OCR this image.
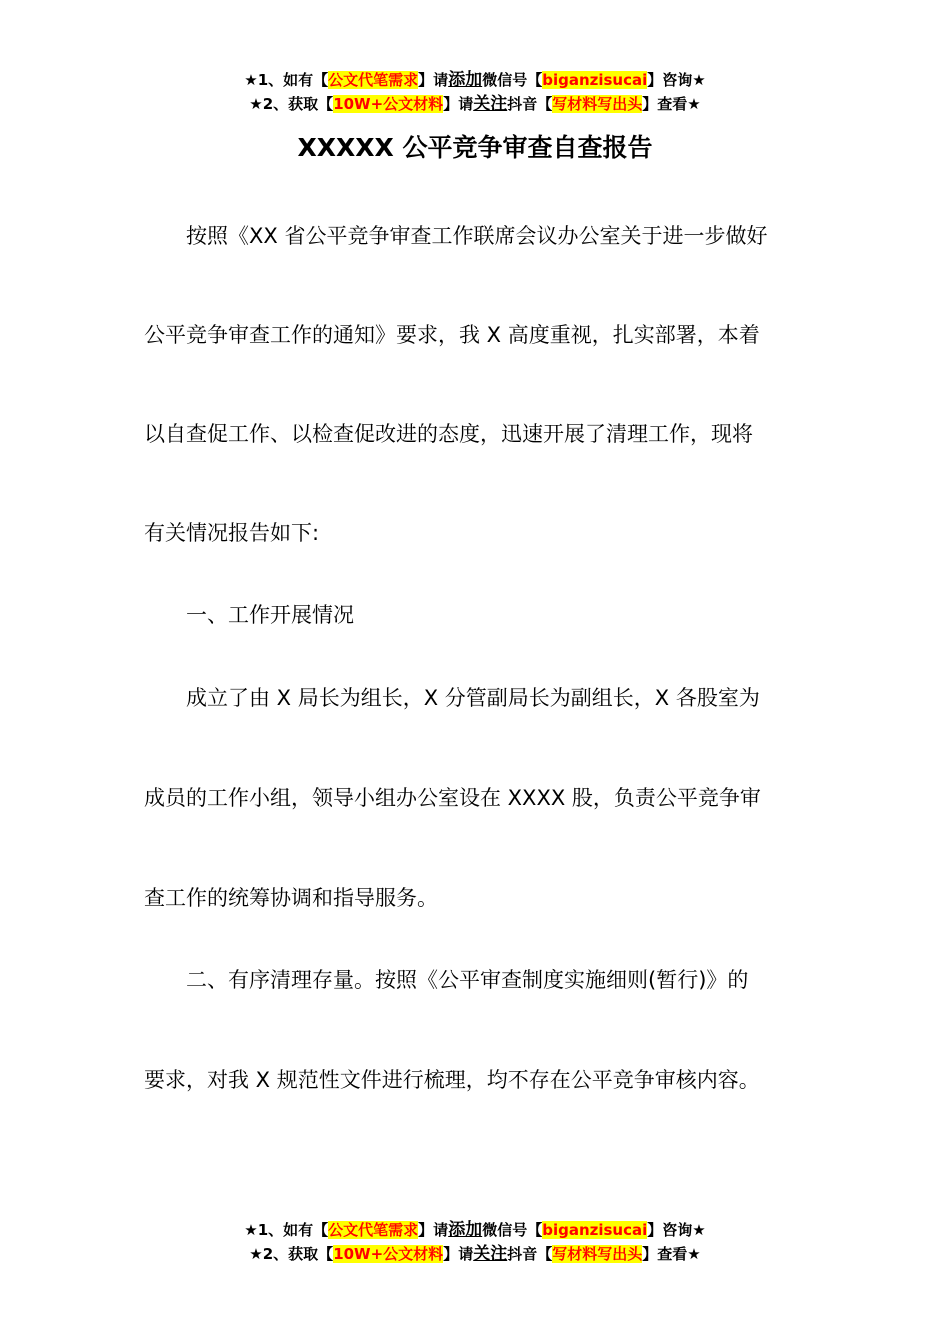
★1、如有【公文代笔需求】请添加微信号【biganzisucai】咨询★
★2、获取【10W+公文材料】请关注抖音【写材料写出头】查看★
XXXXX 公平竞争审查自查报告

　　按照《XX 省公平竞争审查工作联席会议办公室关于进一步做好

公平竞争审查工作的通知》要求，我 X 高度重视，扎实部署，本着

以自查促工作、以检查促改进的态度，迅速开展了清理工作，现将

有关情况报告如下:

　　一、工作开展情况

　　成立了由 X 局长为组长，X 分管副局长为副组长，X 各股室为

成员的工作小组，领导小组办公室设在 XXXX 股，负责公平竞争审

查工作的统筹协调和指导服务。

　　二、有序清理存量。按照《公平审查制度实施细则(暂行)》的

要求，对我 X 规范性文件进行梳理，均不存在公平竞争审核内容。

★1、如有【公文代笔需求】请添加微信号【biganzisucai】咨询★
★2、获取【10W+公文材料】请关注抖音【写材料写出头】查看★
